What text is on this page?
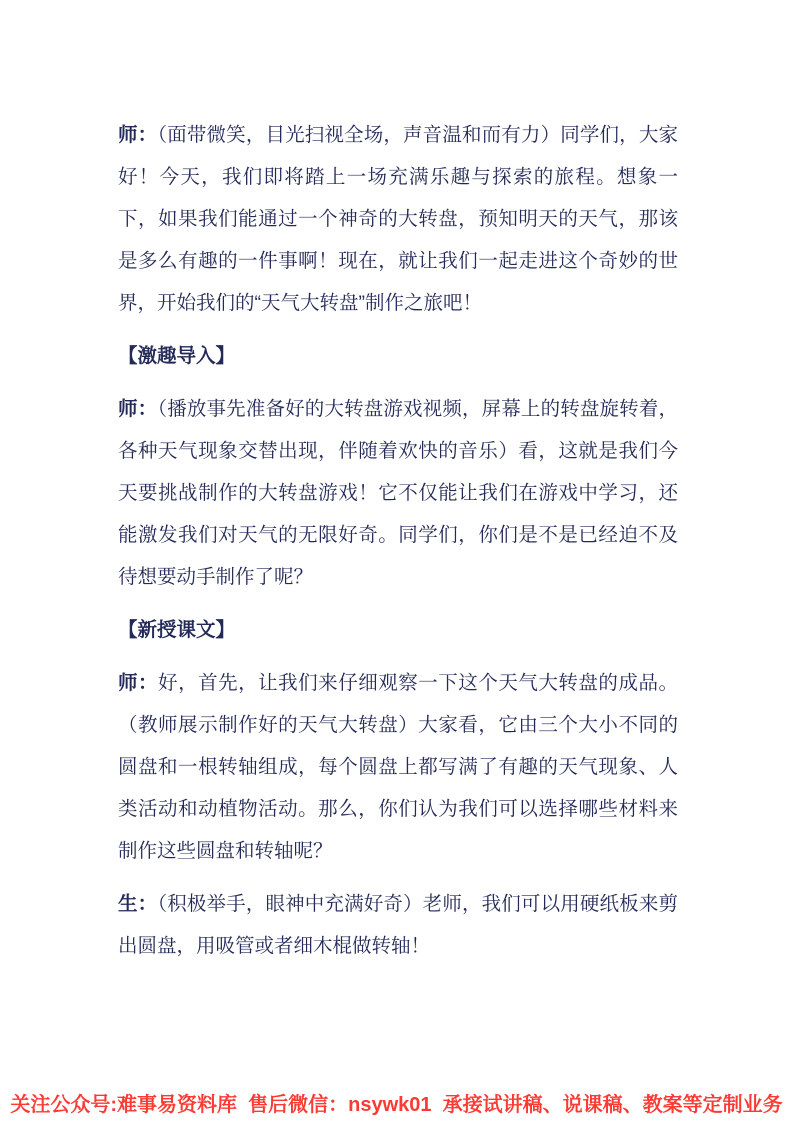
师：（面带微笑，目光扫视全场，声音温和而有力）同学们，大家好！今天，我们即将踏上一场充满乐趣与探索的旅程。想象一下，如果我们能通过一个神奇的大转盘，预知明天的天气，那该是多么有趣的一件事啊！现在，就让我们一起走进这个奇妙的世界，开始我们的“天气大转盘”制作之旅吧！

【激趣导入】

师：（播放事先准备好的大转盘游戏视频，屏幕上的转盘旋转着，各种天气现象交替出现，伴随着欢快的音乐）看，这就是我们今天要挑战制作的大转盘游戏！它不仅能让我们在游戏中学习，还能激发我们对天气的无限好奇。同学们，你们是不是已经迫不及待想要动手制作了呢？

【新授课文】

师：好，首先，让我们来仔细观察一下这个天气大转盘的成品。（教师展示制作好的天气大转盘）大家看，它由三个大小不同的圆盘和一根转轴组成，每个圆盘上都写满了有趣的天气现象、人类活动和动植物活动。那么，你们认为我们可以选择哪些材料来制作这些圆盘和转轴呢？

生：（积极举手，眼神中充满好奇）老师，我们可以用硬纸板来剪出圆盘，用吸管或者细木棍做转轴！

关注公众号:难事易资料库  售后微信：nsywk01  承接试讲稿、说课稿、教案等定制业务
